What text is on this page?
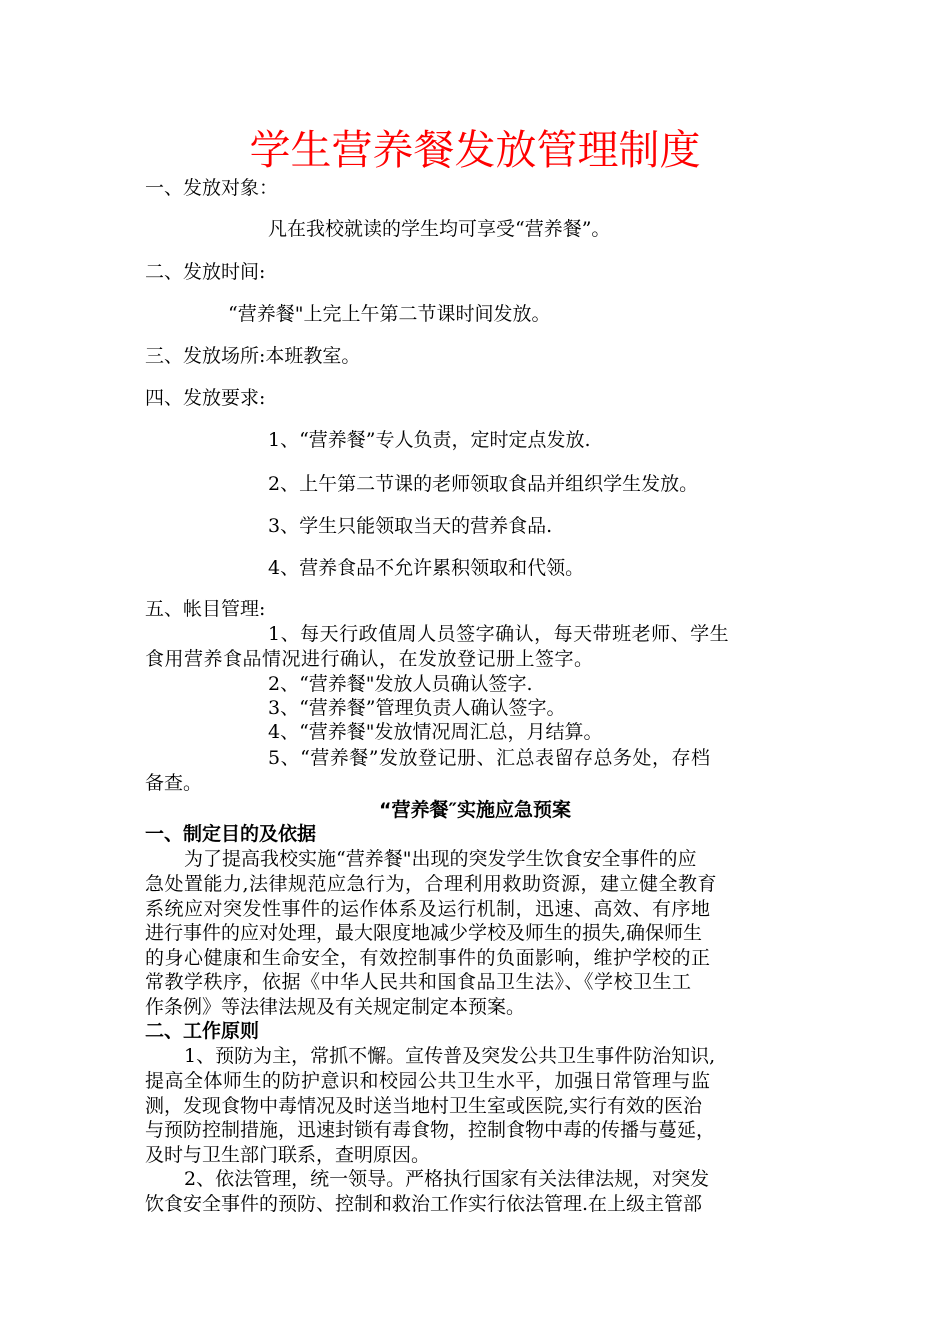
学生营养餐发放管理制度
一、发放对象：
凡在我校就读的学生均可享受“营养餐”。
二、发放时间:
“营养餐"上完上午第二节课时间发放。
三、发放场所:本班教室。
四、发放要求:
1、“营养餐”专人负责，定时定点发放.
2、上午第二节课的老师领取食品并组织学生发放。
3、学生只能领取当天的营养食品.
4、营养食品不允许累积领取和代领。
五、帐目管理:
1、每天行政值周人员签字确认，每天带班老师、学生
食用营养食品情况进行确认，在发放登记册上签字。
2、“营养餐"发放人员确认签字.
3、“营养餐”管理负责人确认签字。
4、“营养餐"发放情况周汇总，月结算。
5、“营养餐”发放登记册、汇总表留存总务处，存档
备查。
“营养餐″实施应急预案
一、制定目的及依据
为了提高我校实施“营养餐"出现的突发学生饮食安全事件的应
急处置能力,法律规范应急行为，合理利用救助资源，建立健全教育
系统应对突发性事件的运作体系及运行机制，迅速、高效、有序地
进行事件的应对处理，最大限度地减少学校及师生的损失,确保师生
的身心健康和生命安全，有效控制事件的负面影响，维护学校的正
常教学秩序，依据《中华人民共和国食品卫生法》、《学校卫生工
作条例》等法律法规及有关规定制定本预案。
二、工作原则
1、预防为主，常抓不懈。宣传普及突发公共卫生事件防治知识,
提高全体师生的防护意识和校园公共卫生水平，加强日常管理与监
测，发现食物中毒情况及时送当地村卫生室或医院,实行有效的医治
与预防控制措施，迅速封锁有毒食物，控制食物中毒的传播与蔓延，
及时与卫生部门联系，查明原因。
2、依法管理，统一领导。严格执行国家有关法律法规，对突发
饮食安全事件的预防、控制和救治工作实行依法管理.在上级主管部
